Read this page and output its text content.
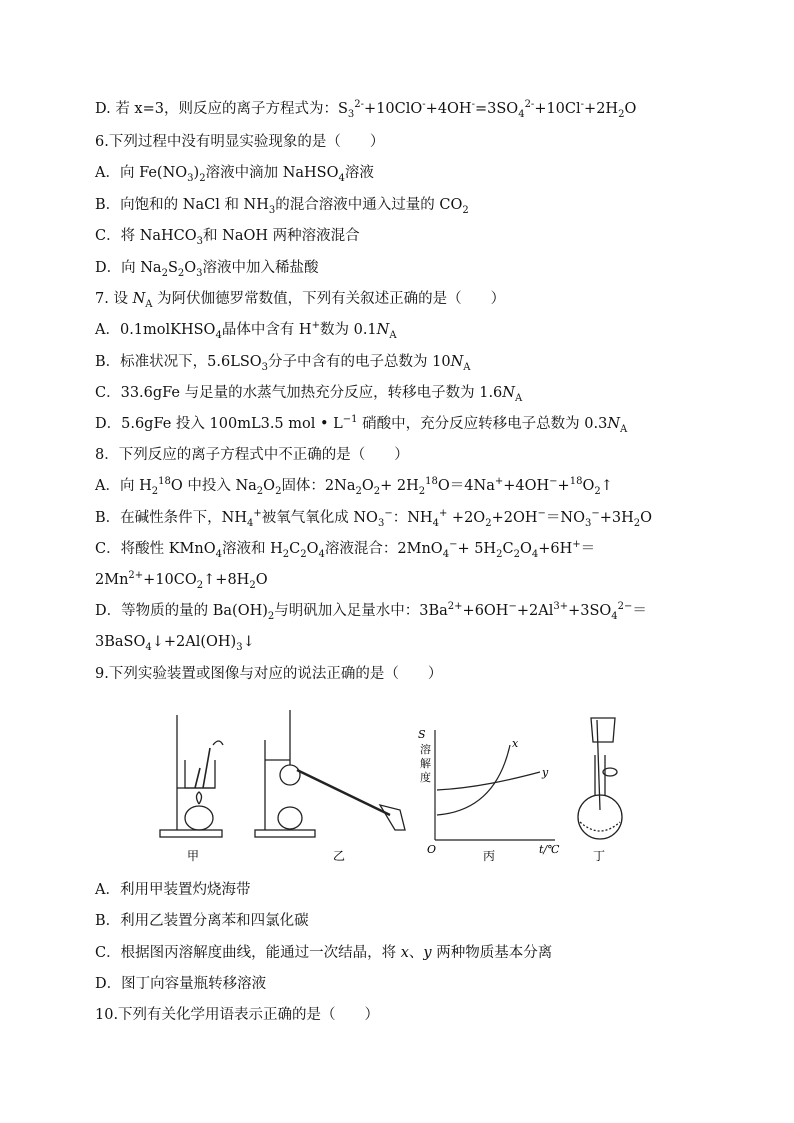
D. 若 x=3，则反应的离子方程式为：$S_3^{2-}+10ClO^-+4OH^-=3SO_4^{2-}+10Cl^-+2H_2O$
6.下列过程中没有明显实验现象的是（　　）
A．向 $Fe(NO_3)_2$溶液中滴加 NaHSO$_4$溶液
B．向饱和的 NaCl 和 $NH_3$的混合溶液中通入过量的 $CO_2$
C．将 NaHCO$_3$和 NaOH 两种溶液混合
D．向 $Na_2S_2O_3$溶液中加入稀盐酸
7. 设 $N_A$ 为阿伏伽德罗常数值，下列有关叙述正确的是（　　）
A．0.1molKHSO$_4$晶体中含有 H+数为 $0.1N_A$
B．标准状况下，$5.6LSO_3$分子中含有的电子总数为 $10N_A$
C．33.6gFe 与足量的水蒸气加热充分反应，转移电子数为 $1.6N_A$
D．5.6gFe 投入 100mL3.5 mol • $L^{-1}$ 硝酸中，充分反应转移电子总数为 $0.3N_A$
8．下列反应的离子方程式中不正确的是（　　）
A．向 $H_2^{18}O$ 中投入 $Na_2O_2$固体：$2Na_2O_2+$ $2H_2^{18}O=4Na^++4OH^-+^{18}O_2↑$
B．在碱性条件下，$NH_4^+$被氧气氧化成 $NO_3^-$：$NH_4^+ +2O_2+2OH^-=NO_3^-+3H_2O$
C．将酸性 KMnO$_4$溶液和 $H_2C_2O_4$溶液混合：$2MnO_4^-+ 5H_2C_2O_4+6H^+=$
$2Mn^{2+}+10CO_2↑+8H_2O$
D．等物质的量的 $Ba(OH)_2$与明矾加入足量水中：$3Ba^{2+}+6OH^-+2Al^{3+}+3SO_4^{2-}=$
$3BaSO_4↓+2Al(OH)_3↓$
9.下列实验装置或图像与对应的说法正确的是（　　）
甲	乙
S
溶
解
度
x
y
O	t/℃
丙	丁
A．利用甲装置灼烧海带
B．利用乙装置分离苯和四氯化碳
C．根据图丙溶解度曲线，能通过一次结晶，将 x、y 两种物质基本分离
D．图丁向容量瓶转移溶液
10.下列有关化学用语表示正确的是（　　）
